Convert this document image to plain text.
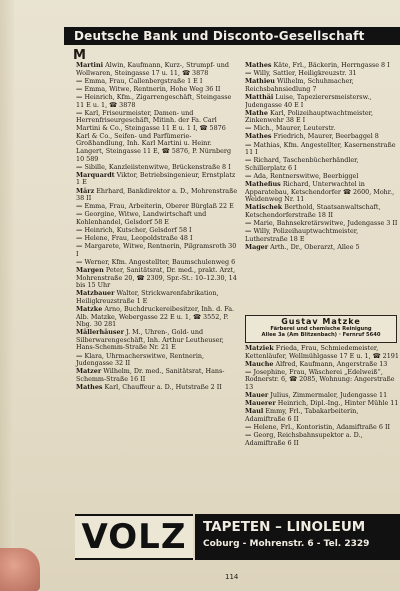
Deutsche Bank und Disconto-Gesellschaft
M
Martini Alwin, Kaufmann, Kurz-, Strumpf- und Wollwaren, Steingasse 17 u. 11, ☎ 3878
— Emma, Frau, Callenbergstraße 1 E I
— Emma, Witwe, Rentnerin, Hohe Weg 36 II
— Heinrich, Kfm., Zigarrengeschäft, Steingasse 11 E u. 1, ☎ 3878
— Karl, Friseurmeister, Damen- und Herrenfriseurgeschäft, Mitinh. der Fa. Carl Martini & Co., Steingasse 11 E u. 1 I, ☎ 5876
Karl & Co., Seifen- und Parfümerie-Großhandlung, Inh. Karl Martini u. Heinr. Langert, Steingasse 11 E, ☎ 5876, P. Nürnberg 10 589
— Sibille, Kanzleiistenwitwe, Brückenstraße 8 I
Marquardt Viktor, Betriebsingenieur, Ernstplatz 1 E
März Ehrhard, Bankdirektor a. D., Mohrenstraße 38 II
— Emma, Frau, Arbeiterin, Oberer Bürglaß 22 E
— Georgine, Witwe, Landwirtschaft und Kohlenhandel, Gelsdorf 58 E
— Heinrich, Kutscher, Gelsdorf 58 I
— Helene, Frau, Leopoldstraße 48 I
— Margarete, Witwe, Rentnerin, Pilgramsroth 30 I
— Werner, Kfm. Angestellter, Baumschulenweg 6
Margen Peter, Sanitätsrat, Dr. med., prakt. Arzt, Mohrenstraße 20, ☎ 2309, Spr.-St.: 10–12.30, 14 bis 15 Uhr
Matzbauer Walter, Strickwarenfabrikation, Heiligkreuzstraße 1 E
Matzke Arno, Buchdruckereibesitzer, Inh. d. Fa. Alb. Matzke, Webergasse 22 E u. 1, ☎ 3552, P. Nbg. 30 281
Mällerhäuser J. M., Uhren-, Gold- und Silberwarengeschäft, Inh. Arthur Leutheuser, Hans-Schemm-Straße Nr. 21 E
— Klara, Uhrmacherswitwe, Rentnerin, Judengasse 32 II
Matzer Wilhelm, Dr. med., Sanitätsrat, Hans-Schemm-Straße 16 II
Mathes Karl, Chauffeur a. D., Hutstraße 2 II
Mathes Käte, Frl., Bäckerin, Herrngasse 8 I
— Willy, Sattler, Heiligkreuzstr. 31
Mathieu Wilhelm, Schuhmacher, Reichsbahnsiedlung 7
Matthäi Luise, Tapezierersmeistersw., Judengasse 40 E I
Mathe Karl, Polizeihauptwachtmeister, Zinkenwehr 38 E I
— Mich., Maurer, Leuterstr.
Mathes Friedrich, Maurer, Beerbaggel 8
— Mathias, Kfm. Angestellter, Kasernenstraße 11 I
— Richard, Taschenbücherhändler, Schillerplatz 6 I
— Ada, Rentnerswitwe, Beerbiggel
Mathefius Richard, Unterwachtel in Apparatebau, Ketschendorfer ☎ 2600, Mohr., Weidenweg Nr. 11
Matischek Berthold, Staatsanwaltschaft, Ketschendorferstraße 18 II
— Marie, Bahnsekretärswitwe, Judengasse 3 II
— Willy, Polizeihauptwachtmeister, Lutherstraße 18 E
Mager Arth., Dr., Oberarzt, Allee 5
Gustav Matzke
Färberei und chemische Reinigung
Allee 3a (Am Blitzenbach) · Fernruf 5640
Matziek Frieda, Frau, Schmiedemeister, Kettenläufer, Wellmühlgasse 17 E u. 1, ☎ 2191
Mauche Alfred, Kaufmann, Angerstraße 13
— Josephine, Frau, Wäscherei „Edelweiß“, Rodnerstr. 6, ☎ 2085, Wohnung: Angerstraße 13
Mauer Julius, Zimmermaler, Judengasse 11
Mauerer Heinrich, Dipl.-Ing., Hinter Mühle 11
Maul Emmy, Frl., Tabakarbeiterin, Adamiftraße 6 II
— Helene, Frl., Kontoristin, Adamiftraße 6 II
— Georg, Reichsbahnsupektor a. D., Adamiftraße 6 II
VOLZ	TAPETEN – LINOLEUM
Coburg - Mohrenstr. 6 - Tel. 2329
114
